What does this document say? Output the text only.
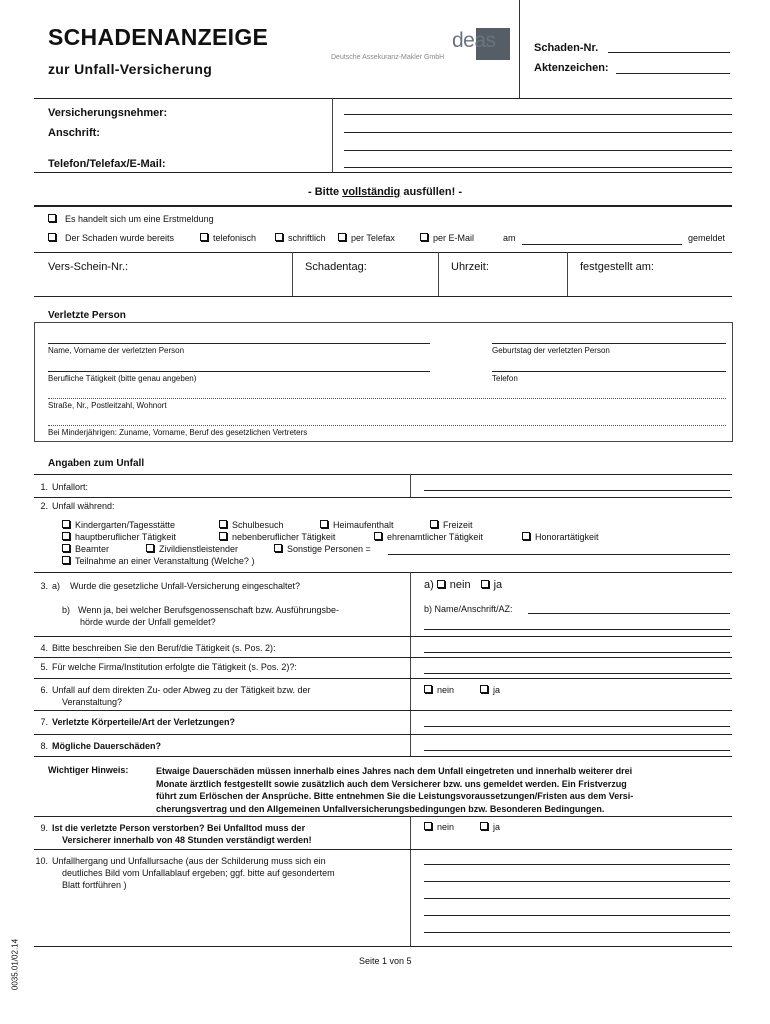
SCHADENANZEIGE
zur Unfall-Versicherung
deas
Deutsche Assekuranz-Makler GmbH
Schaden-Nr.
Aktenzeichen:
Versicherungsnehmer:
Anschrift:
Telefon/Telefax/E-Mail:
- Bitte vollständig ausfüllen! -
Es handelt sich um eine Erstmeldung
Der Schaden wurde bereits	telefonisch	schriftlich	per Telefax	per E-Mail	am	gemeldet
Vers-Schein-Nr.:	Schadentag:	Uhrzeit:	festgestellt am:
Verletzte Person
Name, Vorname der verletzten Person	Geburtstag der verletzten Person
Berufliche Tätigkeit (bitte genau angeben)	Telefon
Straße, Nr., Postleitzahl, Wohnort
Bei Minderjährigen: Zuname, Vorname, Beruf des gesetzlichen Vertreters
Angaben zum Unfall
1. Unfallort:
2. Unfall während:
Kindergarten/Tagesstätte	Schulbesuch	Heimaufenthalt	Freizeit
hauptberuflicher Tätigkeit	nebenberuflicher Tätigkeit	ehrenamtlicher Tätigkeit	Honorartätigkeit
Beamter	Zivildienstleistender	Sonstige Personen =
Teilnahme an einer Veranstaltung (Welche? )
3. a) Wurde die gesetzliche Unfall-Versicherung eingeschaltet?	a) nein ja
b) Wenn ja, bei welcher Berufsgenossenschaft bzw. Ausführungsbe-
hörde wurde der Unfall gemeldet?
b) Name/Anschrift/AZ:
4. Bitte beschreiben Sie den Beruf/die Tätigkeit (s. Pos. 2):
5. Für welche Firma/Institution erfolgte die Tätigkeit (s. Pos. 2)?:
6. Unfall auf dem direkten Zu- oder Abweg zu der Tätigkeit bzw. der
Veranstaltung?
nein	ja
7. Verletzte Körperteile/Art der Verletzungen?
8. Mögliche Dauerschäden?
Wichtiger Hinweis:	Etwaige Dauerschäden müssen innerhalb eines Jahres nach dem Unfall eingetreten und innerhalb weiterer drei
Monate ärztlich festgestellt sowie zusätzlich auch dem Versicherer bzw. uns gemeldet werden. Ein Fristverzug
führt zum Erlöschen der Ansprüche. Bitte entnehmen Sie die Leistungsvoraussetzungen/Fristen aus dem Versi-
cherungsvertrag und den Allgemeinen Unfallversicherungsbedingungen bzw. Besonderen Bedingungen.
9. Ist die verletzte Person verstorben? Bei Unfalltod muss der
Versicherer innerhalb von 48 Stunden verständigt werden!
nein	ja
10. Unfallhergang und Unfallursache (aus der Schilderung muss sich ein
deutliches Bild vom Unfallablauf ergeben; ggf. bitte auf gesondertem
Blatt fortführen )
Seite 1 von 5
0035.01/02.14
